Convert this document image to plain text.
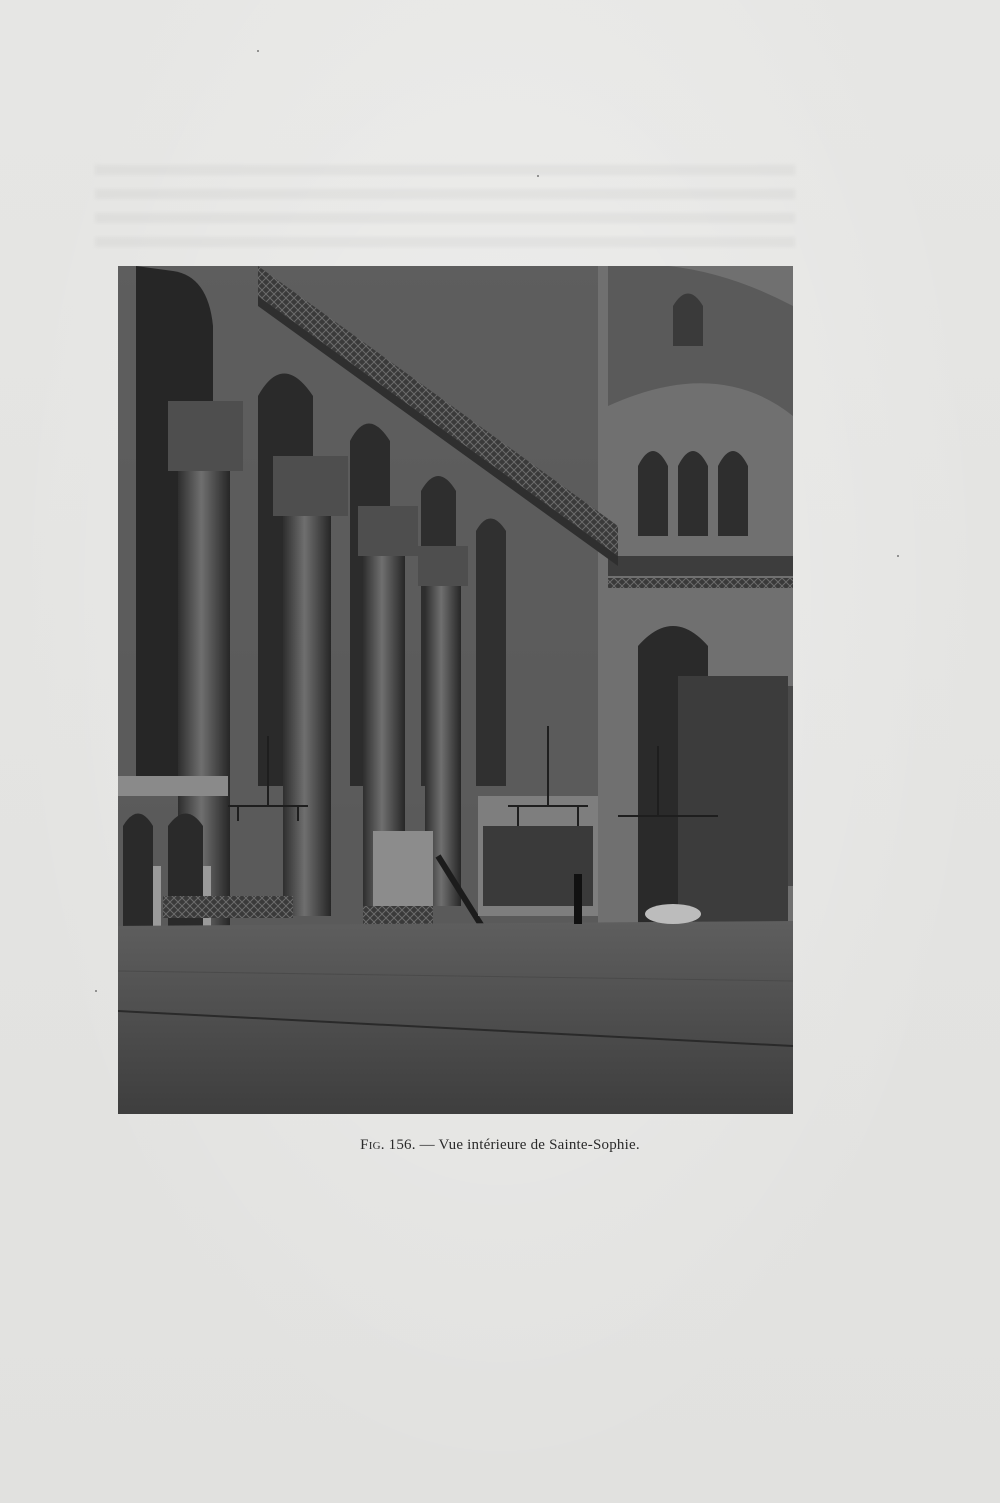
Fig. 156. — Vue intérieure de Sainte-Sophie.
